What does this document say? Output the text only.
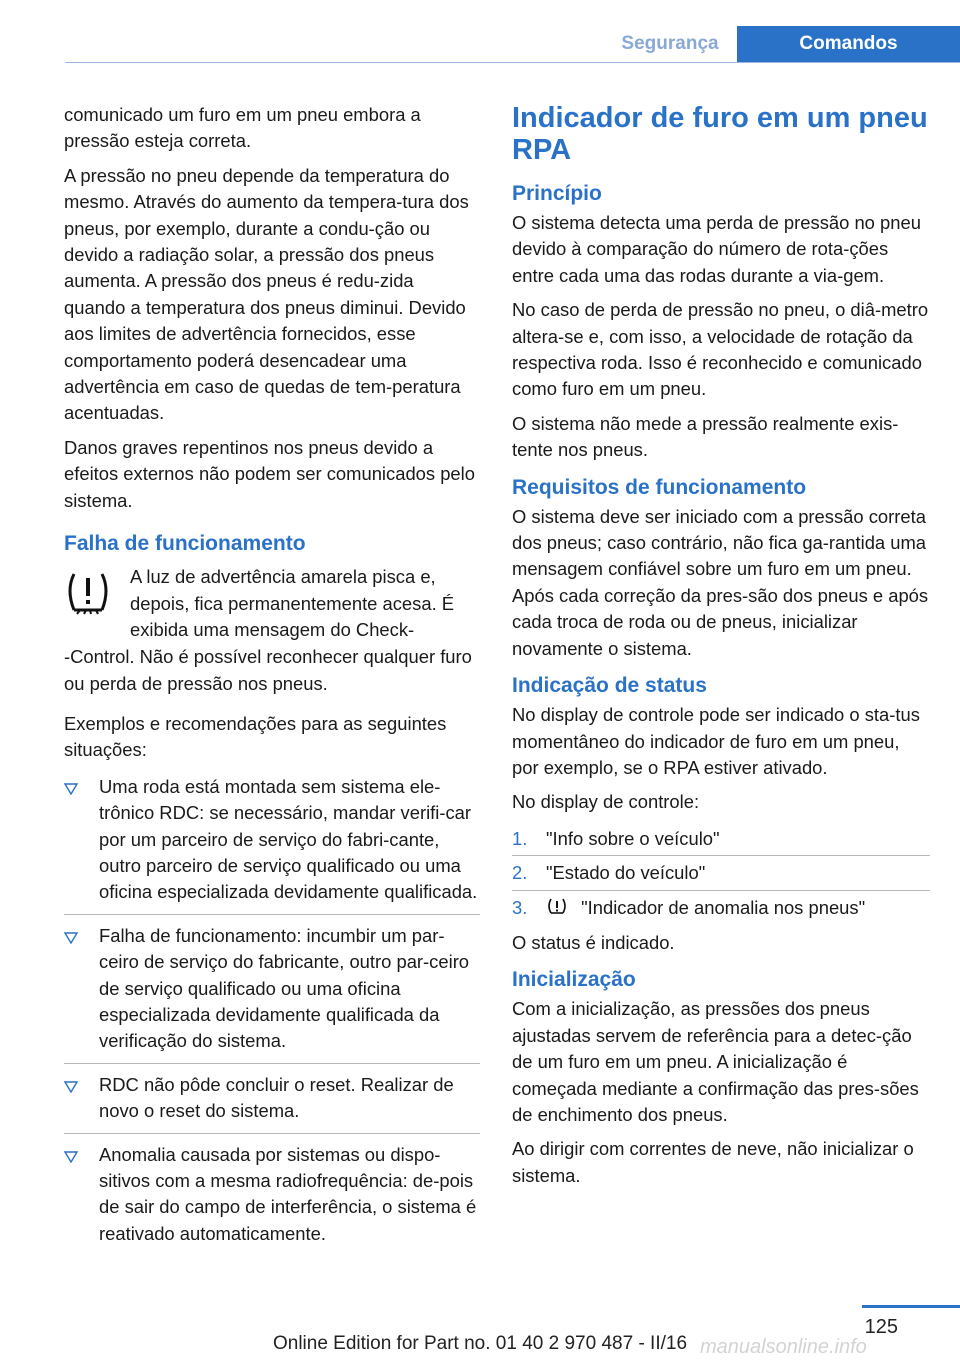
Segurança	Comandos

comunicado um furo em um pneu embora a pressão esteja correta.

A pressão no pneu depende da temperatura do mesmo. Através do aumento da tempera-tura dos pneus, por exemplo, durante a condu-ção ou devido a radiação solar, a pressão dos pneus aumenta. A pressão dos pneus é redu-zida quando a temperatura dos pneus diminui. Devido aos limites de advertência fornecidos, esse comportamento poderá desencadear uma advertência em caso de quedas de tem-peratura acentuadas.

Danos graves repentinos nos pneus devido a efeitos externos não podem ser comunicados pelo sistema.

Falha de funcionamento
A luz de advertência amarela pisca e, depois, fica permanentemente acesa. É exibida uma mensagem do Check-

-Control. Não é possível reconhecer qualquer furo ou perda de pressão nos pneus.

Exemplos e recomendações para as seguintes situações:

Uma roda está montada sem sistema ele-trônico RDC: se necessário, mandar verifi-car por um parceiro de serviço do fabri-cante, outro parceiro de serviço qualificado ou uma oficina especializada devidamente qualificada.
Falha de funcionamento: incumbir um par-ceiro de serviço do fabricante, outro par-ceiro de serviço qualificado ou uma oficina especializada devidamente qualificada da verificação do sistema.
RDC não pôde concluir o reset. Realizar de novo o reset do sistema.
Anomalia causada por sistemas ou dispo-sitivos com a mesma radiofrequência: de-pois de sair do campo de interferência, o sistema é reativado automaticamente.
Indicador de furo em um pneu RPA
Princípio

O sistema detecta uma perda de pressão no pneu devido à comparação do número de rota-ções entre cada uma das rodas durante a via-gem.

No caso de perda de pressão no pneu, o diâ-metro altera-se e, com isso, a velocidade de rotação da respectiva roda. Isso é reconhecido e comunicado como furo em um pneu.

O sistema não mede a pressão realmente exis-tente nos pneus.

Requisitos de funcionamento

O sistema deve ser iniciado com a pressão correta dos pneus; caso contrário, não fica ga-rantida uma mensagem confiável sobre um furo em um pneu. Após cada correção da pres-são dos pneus e após cada troca de roda ou de pneus, inicializar novamente o sistema.

Indicação de status

No display de controle pode ser indicado o sta-tus momentâneo do indicador de furo em um pneu, por exemplo, se o RPA estiver ativado.

No display de controle:

1. "Info sobre o veículo"
2. "Estado do veículo"
3.	"Indicador de anomalia nos pneus"

O status é indicado.

Inicialização

Com a inicialização, as pressões dos pneus ajustadas servem de referência para a detec-ção de um furo em um pneu. A inicialização é começada mediante a confirmação das pres-sões de enchimento dos pneus.

Ao dirigir com correntes de neve, não inicializar o sistema.

125
Online Edition for Part no. 01 40 2 970 487 - II/16 manualsonline.info
